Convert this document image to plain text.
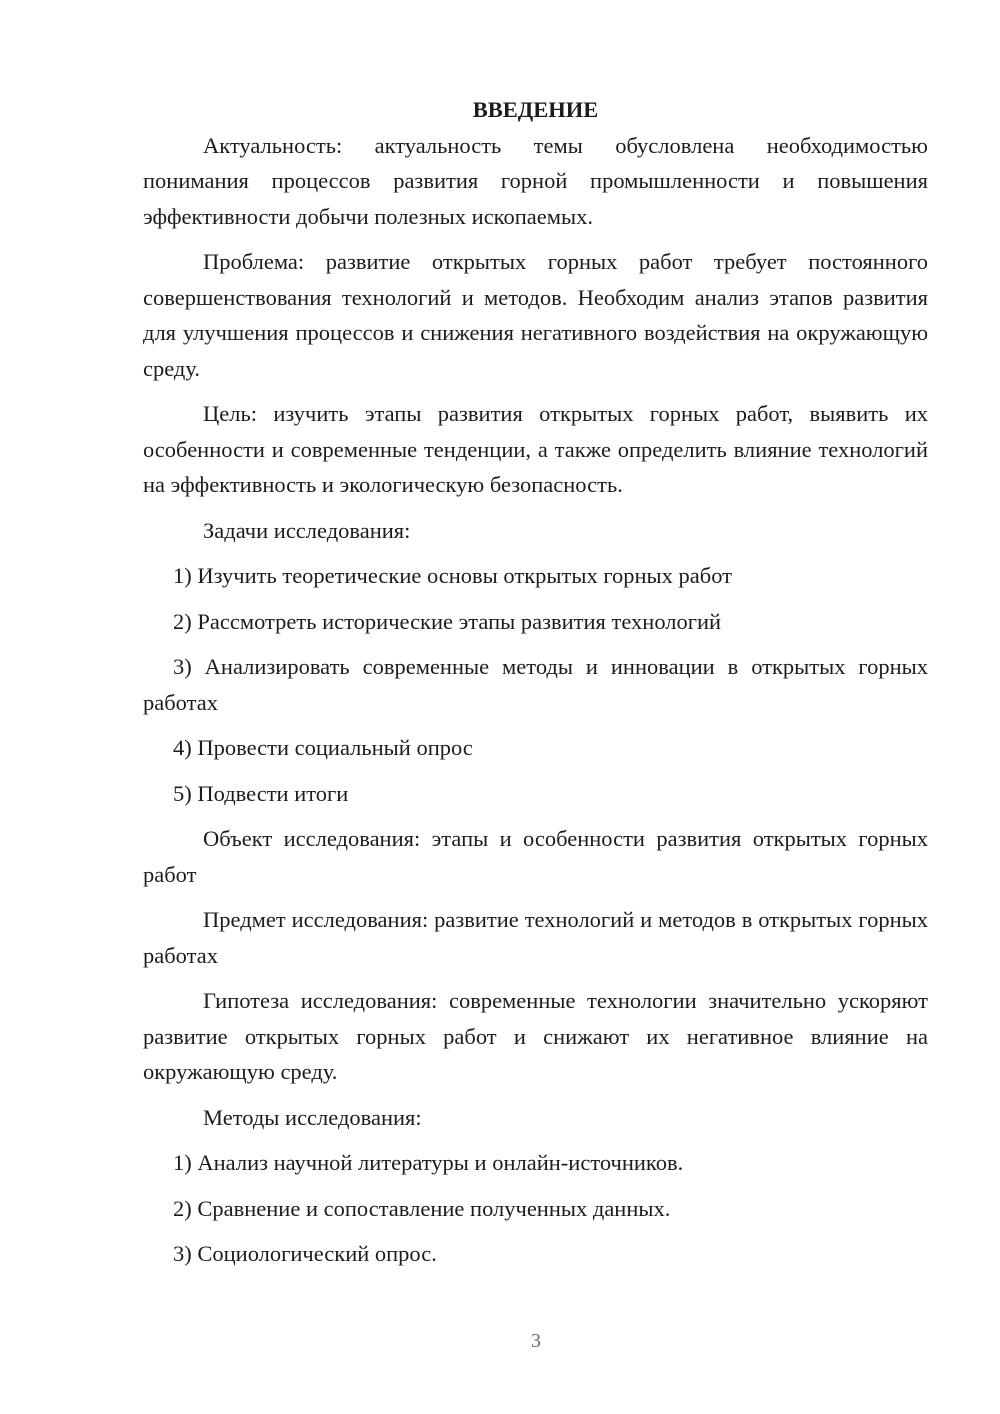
ВВЕДЕНИЕ

Актуальность: актуальность темы обусловлена необходимостью понимания процессов развития горной промышленности и повышения эффективности добычи полезных ископаемых.

Проблема: развитие открытых горных работ требует постоянного совершенствования технологий и методов. Необходим анализ этапов развития для улучшения процессов и снижения негативного воздействия на окружающую среду.

Цель: изучить этапы развития открытых горных работ, выявить их особенности и современные тенденции, а также определить влияние технологий на эффективность и экологическую безопасность.

Задачи исследования:

1) Изучить теоретические основы открытых горных работ

2) Рассмотреть исторические этапы развития технологий

3) Анализировать современные методы и инновации в открытых горных работах

4) Провести социальный опрос

5) Подвести итоги

Объект исследования: этапы и особенности развития открытых горных работ

Предмет исследования: развитие технологий и методов в открытых горных работах

Гипотеза исследования: современные технологии значительно ускоряют развитие открытых горных работ и снижают их негативное влияние на окружающую среду.

Методы исследования:

1) Анализ научной литературы и онлайн-источников.

2) Сравнение и сопоставление полученных данных.

3) Социологический опрос.

3
